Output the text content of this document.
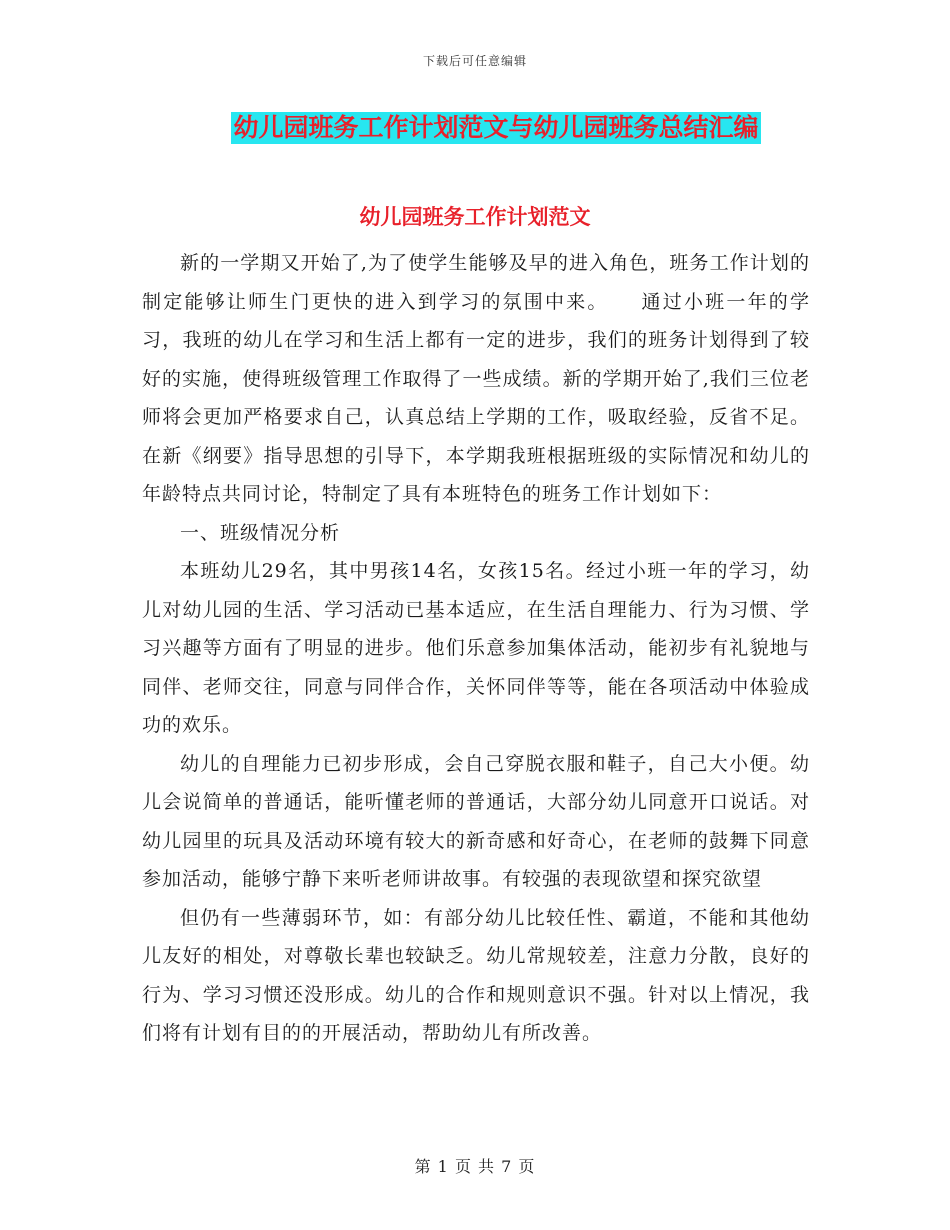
下载后可任意编辑
幼儿园班务工作计划范文与幼儿园班务总结汇编
幼儿园班务工作计划范文

新的一学期又开始了,为了使学生能够及早的进入角色，班务工作计划的制定能够让师生门更快的进入到学习的氛围中来。　　通过小班一年的学习，我班的幼儿在学习和生活上都有一定的进步，我们的班务计划得到了较好的实施，使得班级管理工作取得了一些成绩。新的学期开始了,我们三位老师将会更加严格要求自己，认真总结上学期的工作，吸取经验，反省不足。在新《纲要》指导思想的引导下，本学期我班根据班级的实际情况和幼儿的年龄特点共同讨论，特制定了具有本班特色的班务工作计划如下：

一、班级情况分析

本班幼儿29名，其中男孩14名，女孩15名。经过小班一年的学习，幼儿对幼儿园的生活、学习活动已基本适应，在生活自理能力、行为习惯、学习兴趣等方面有了明显的进步。他们乐意参加集体活动，能初步有礼貌地与同伴、老师交往，同意与同伴合作，关怀同伴等等，能在各项活动中体验成功的欢乐。

幼儿的自理能力已初步形成，会自己穿脱衣服和鞋子，自己大小便。幼儿会说简单的普通话，能听懂老师的普通话，大部分幼儿同意开口说话。对幼儿园里的玩具及活动环境有较大的新奇感和好奇心，在老师的鼓舞下同意参加活动，能够宁静下来听老师讲故事。有较强的表现欲望和探究欲望

但仍有一些薄弱环节，如：有部分幼儿比较任性、霸道，不能和其他幼儿友好的相处，对尊敬长辈也较缺乏。幼儿常规较差，注意力分散，良好的行为、学习习惯还没形成。幼儿的合作和规则意识不强。针对以上情况，我们将有计划有目的的开展活动，帮助幼儿有所改善。

第 1 页 共 7 页
